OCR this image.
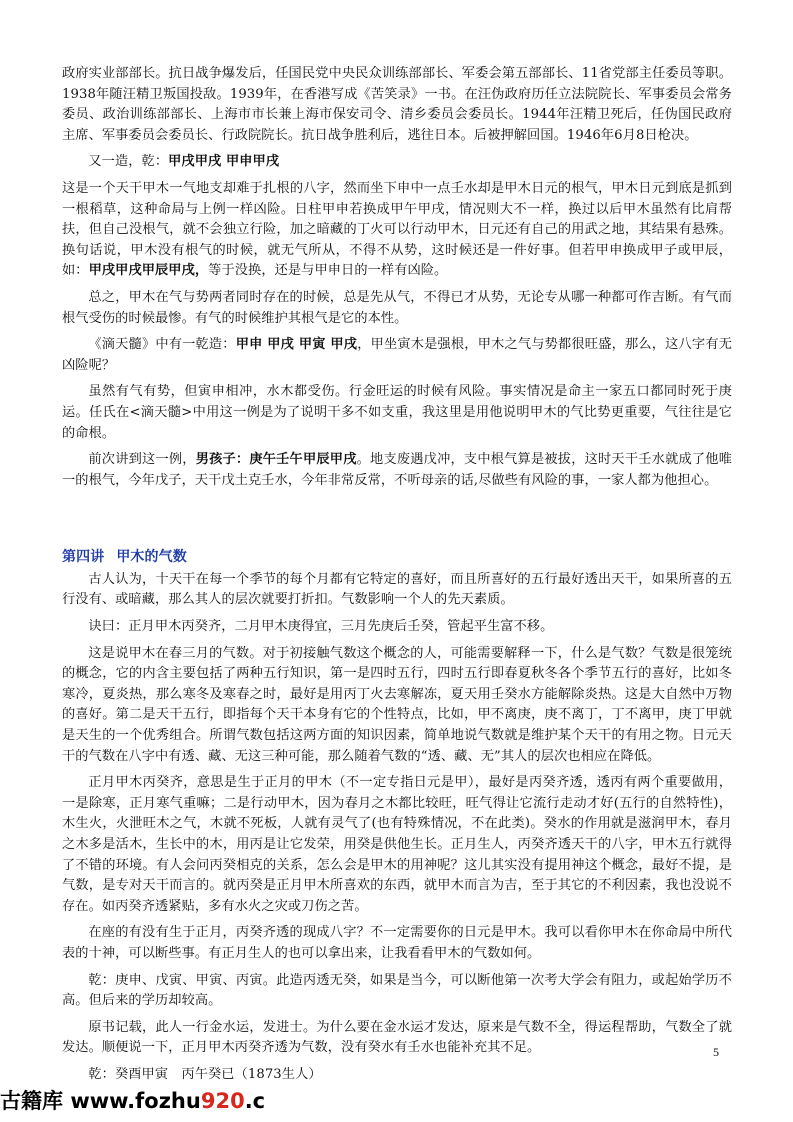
政府实业部部长。抗日战争爆发后，任国民党中央民众训练部部长、军委会第五部部长、11省党部主任委员等职。1938年随汪精卫叛国投敌。1939年，在香港写成《苦笑录》一书。在汪伪政府历任立法院院长、军事委员会常务委员、政治训练部部长、上海市市长兼上海市保安司令、清乡委员会委员长。1944年汪精卫死后，任伪国民政府主席、军事委员会委员长、行政院院长。抗日战争胜利后，逃往日本。后被押解回国。1946年6月8日枪决。

又一造，乾：甲戌甲戌 甲申甲戌

这是一个天干甲木一气地支却难于扎根的八字，然而坐下申中一点壬水却是甲木日元的根气，甲木日元到底是抓到一根稻草，这种命局与上例一样凶险。日柱甲申若换成甲午甲戌，情况则大不一样，换过以后甲木虽然有比肩帮扶，但自己没根气，就不会独立行险，加之暗藏的丁火可以行动甲木，日元还有自己的用武之地，其结果有悬殊。换句话说，甲木没有根气的时候，就无气所从，不得不从势，这时候还是一件好事。但若甲申换成甲子或甲辰，如：甲戌甲戌甲辰甲戌，等于没换，还是与甲申日的一样有凶险。

总之，甲木在气与势两者同时存在的时候，总是先从气，不得已才从势，无论专从哪一种都可作吉断。有气而根气受伤的时候最惨。有气的时候维护其根气是它的本性。

《滴天髓》中有一乾造：甲申 甲戌 甲寅 甲戌，甲坐寅木是强根，甲木之气与势都很旺盛，那么，这八字有无凶险呢？

虽然有气有势，但寅申相冲，水木都受伤。行金旺运的时候有风险。事实情况是命主一家五口都同时死于庚运。任氏在<滴天髓>中用这一例是为了说明干多不如支重，我这里是用他说明甲木的气比势更重要，气往往是它的命根。

前次讲到这一例，男孩子：庚午壬午甲辰甲戌。地支废遇戊冲，支中根气算是被拔，这时天干壬水就成了他唯一的根气，今年戊子，天干戊土克壬水，今年非常反常，不听母亲的话,尽做些有风险的事，一家人都为他担心。

第四讲 甲木的气数

古人认为，十天干在每一个季节的每个月都有它特定的喜好，而且所喜好的五行最好透出天干，如果所喜的五行没有、或暗藏，那么其人的层次就要打折扣。气数影响一个人的先天素质。

诀曰：正月甲木丙癸齐，二月甲木庚得宜，三月先庚后壬癸，管起平生富不移。

这是说甲木在春三月的气数。对于初接触气数这个概念的人，可能需要解释一下，什么是气数？气数是很笼统的概念，它的内含主要包括了两种五行知识，第一是四时五行，四时五行即春夏秋冬各个季节五行的喜好，比如冬寒冷，夏炎热，那么寒冬及寒春之时，最好是用丙丁火去寒解冻，夏天用壬癸水方能解除炎热。这是大自然中万物的喜好。第二是天干五行，即指每个天干本身有它的个性特点，比如，甲不离庚，庚不离丁，丁不离甲，庚丁甲就是天生的一个优秀组合。所谓气数包括这两方面的知识因素，简单地说气数就是维护某个天干的有用之物。日元天干的气数在八字中有透、藏、无这三种可能，那么随着气数的“透、藏、无”其人的层次也相应在降低。

正月甲木丙癸齐，意思是生于正月的甲木（不一定专指日元是甲），最好是丙癸齐透，透丙有两个重要做用，一是除寒，正月寒气重嘛；二是行动甲木，因为春月之木都比较旺，旺气得让它流行走动才好(五行的自然特性)，木生火，火泄旺木之气，木就不死板，人就有灵气了(也有特殊情况，不在此类)。癸水的作用就是滋润甲木，春月之木多是活木，生长中的木，用丙是让它发荣，用癸是供他生长。正月生人，丙癸齐透天干的八字，甲木五行就得了不错的环境。有人会问丙癸相克的关系，怎么会是甲木的用神呢？这儿其实没有提用神这个概念，最好不提，是气数，是专对天干而言的。就丙癸是正月甲木所喜欢的东西，就甲木而言为吉，至于其它的不利因素，我也没说不存在。如丙癸齐透紧贴，多有水火之灾或刀伤之苦。

在座的有没有生于正月，丙癸齐透的现成八字？不一定需要你的日元是甲木。我可以看你甲木在你命局中所代表的十神，可以断些事。有正月生人的也可以拿出来，让我看看甲木的气数如何。

乾：庚申、戊寅、甲寅、丙寅。此造丙透无癸，如果是当今，可以断他第一次考大学会有阻力，或起始学历不高。但后来的学历却较高。

原书记载，此人一行金水运，发进士。为什么要在金水运才发达，原来是气数不全，得运程帮助，气数全了就发达。顺便说一下，正月甲木丙癸齐透为气数，没有癸水有壬水也能补充其不足。

乾：癸酉甲寅　丙午癸已（1873生人）

5
古籍库 www.fozhu920.c
